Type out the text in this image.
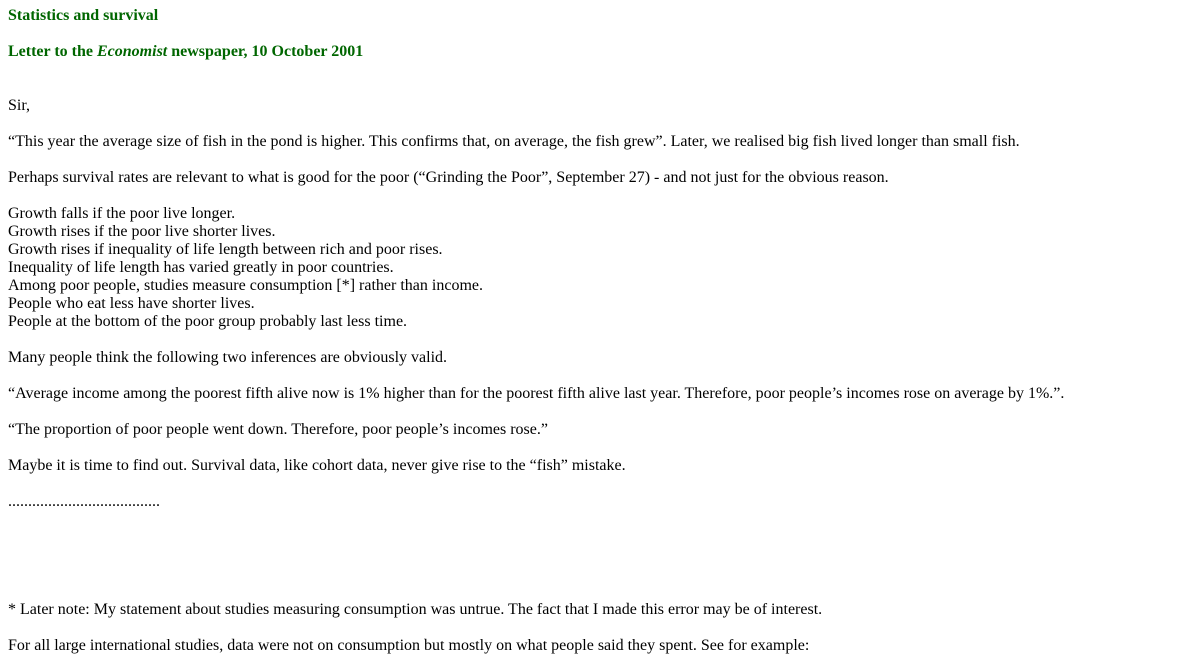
Statistics and survival
Letter to the Economist newspaper, 10 October 2001

Sir,

“This year the average size of fish in the pond is higher. This confirms that, on average, the fish grew”. Later, we realised big fish lived longer than small fish.

Perhaps survival rates are relevant to what is good for the poor (“Grinding the Poor”, September 27) - and not just for the obvious reason.

Growth falls if the poor live longer.

Growth rises if the poor live shorter lives.

Growth rises if inequality of life length between rich and poor rises.

Inequality of life length has varied greatly in poor countries.

Among poor people, studies measure consumption [*] rather than income.

People who eat less have shorter lives.

People at the bottom of the poor group probably last less time.

Many people think the following two inferences are obviously valid.

“Average income among the poorest fifth alive now is 1% higher than for the poorest fifth alive last year. Therefore, poor people’s incomes rose on average by 1%.”.

“The proportion of poor people went down. Therefore, poor people’s incomes rose.”

Maybe it is time to find out. Survival data, like cohort data, never give rise to the “fish” mistake.

......................................

* Later note: My statement about studies measuring consumption was untrue. The fact that I made this error may be of interest.

For all large international studies, data were not on consumption but mostly on what people said they spent. See for example:
